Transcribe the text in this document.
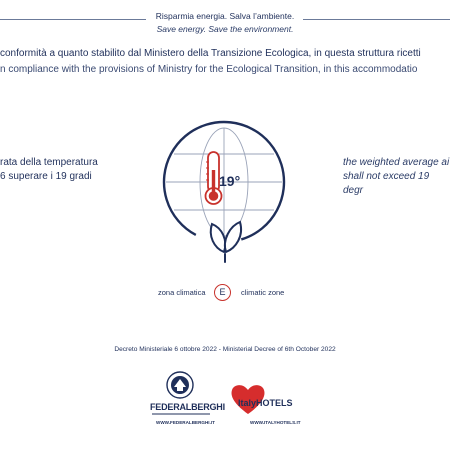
Risparmia energia. Salva l’ambiente.
Save energy. Save the environment.
conformità a quanto stabilito dal Ministero della Transizione Ecologica, in questa struttura ricetti
n compliance with the provisions of Ministry for the Ecological Transition, in this accommodatio
rata della temperatura
6 superare i 19 gradi
the weighted average ai
shall not exceed 19 degr
19°
zona climatica	E	climatic zone
Decreto Ministeriale 6 ottobre 2022 - Ministerial Decree of 6th October 2022
FEDERALBERGHI
WWW.FEDERALBERGHI.IT
ItalyHOTELS
WWW.ITALYHOTELS.IT
